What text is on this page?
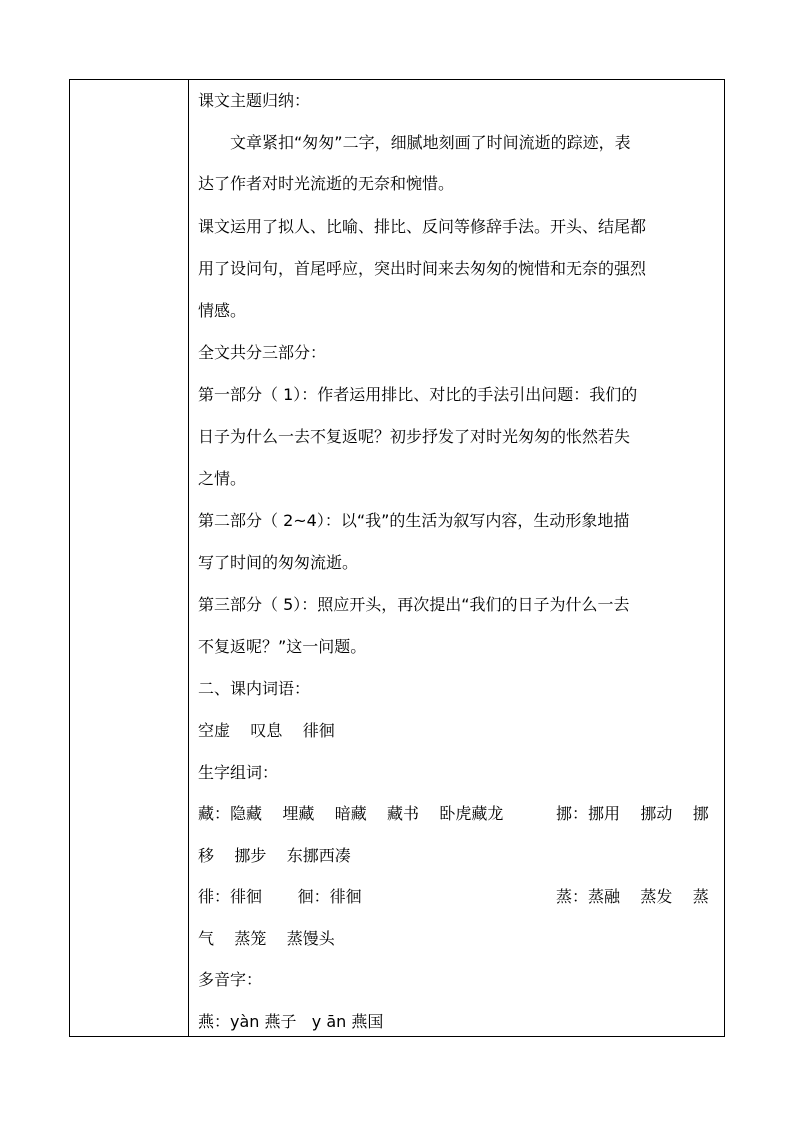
课文主题归纳：
文章紧扣“匆匆”二字，细腻地刻画了时间流逝的踪迹，表
达了作者对时光流逝的无奈和惋惜。
课文运用了拟人、比喻、排比、反问等修辞手法。开头、结尾都
用了设问句，首尾呼应，突出时间来去匆匆的惋惜和无奈的强烈
情感。
全文共分三部分：
第一部分（ 1）：作者运用排比、对比的手法引出问题：我们的
日子为什么一去不复返呢？初步抒发了对时光匆匆的怅然若失
之情。
第二部分（ 2~4）：以“我”的生活为叙写内容，生动形象地描
写了时间的匆匆流逝。
第三部分（ 5）：照应开头，再次提出“我们的日子为什么一去
不复返呢？”这一问题。
二、课内词语：
空虚    叹息    徘徊
生字组词：

藏：隐藏    埋藏    暗藏    藏书    卧虎藏龙

	挪：挪用    挪动    挪

移    挪步    东挪西凑

徘：徘徊       徊：徘徊

	蒸：蒸融    蒸发    蒸

气    蒸笼    蒸馒头
多音字：
燕：yàn 燕子   y ān 燕国
